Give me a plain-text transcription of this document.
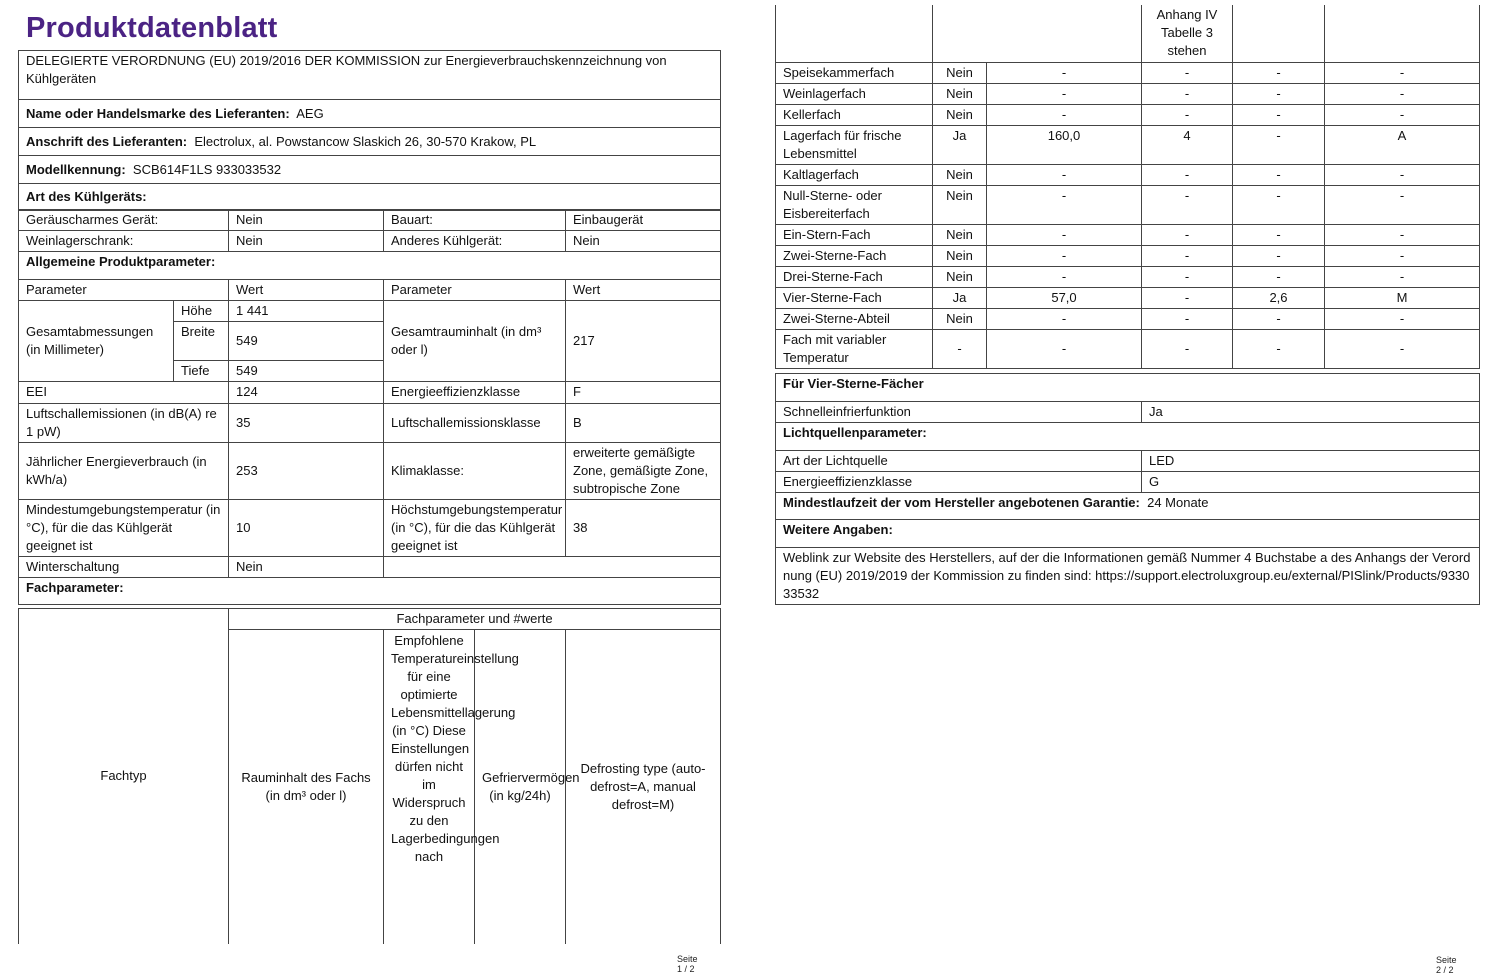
Produktdatenblatt
DELEGIERTE VERORDNUNG (EU) 2019/2016 DER KOMMISSION zur Energieverbrauchskennzeichnung von Kühlgeräten
Name oder Handelsmarke des Lieferanten: AEG
Anschrift des Lieferanten: Electrolux, al. Powstancow Slaskich 26, 30-570 Krakow, PL
Modellkennung: SCB614F1LS 933033532
Art des Kühlgeräts:
Geräuscharmes Gerät:		Nein	Bauart:	Einbaugerät
Weinlagerschrank:		Nein	Anderes Kühlgerät:	Nein
Allgemeine Produktparameter:				
Parameter		Wert	Parameter	Wert
Gesamtabmessungen (in Millimeter)	Höhe	1 441	Gesamtrauminhalt (in dm³ oder l)	217
	Breite	549		
	Tiefe	549		
EEI		124	Energieeffizienzklasse	F
Luftschallemissionen (in dB(A) re 1 pW)		35	Luftschallemissionsklasse	B
Jährlicher Energieverbrauch (in kWh/a)		253	Klimaklasse:	erweiterte gemäßigte Zone, gemäßigte Zone, subtropische Zone
Mindestumgebungstemperatur (in °C), für die das Kühlgerät geeignet ist		10	Höchstumgebungstemperatur (in °C), für die das Kühlgerät geeignet ist	38
Winterschaltung		Nein		
Fachparameter:				
Fachtyp	Fachparameter und #werte			
	Rauminhalt des Fachs (in dm³ oder l)	Empfohlene Temperatureinstellung für eine optimierte Lebensmittellagerung (in °C) Diese Einstellungen dürfen nicht im Widerspruch zu den Lagerbedingungen nach	Gefriervermögen (in kg/24h)	Defrosting type (auto-defrost=A, manual defrost=M)
Seite 1 / 2
			Anhang IV Tabelle 3 stehen		
Speisekammerfach	Nein	-	-	-	-
Weinlagerfach	Nein	-	-	-	-
Kellerfach	Nein	-	-	-	-
Lagerfach für frische Lebensmittel	Ja	160,0	4	-	A
Kaltlagerfach	Nein	-	-	-	-
Null-Sterne- oder Eisbereiterfach	Nein	-	-	-	-
Ein-Stern-Fach	Nein	-	-	-	-
Zwei-Sterne-Fach	Nein	-	-	-	-
Drei-Sterne-Fach	Nein	-	-	-	-
Vier-Sterne-Fach	Ja	57,0	-	2,6	M
Zwei-Sterne-Abteil	Nein	-	-	-	-
Fach mit variabler Temperatur	-	-	-	-	-
Für Vier-Sterne-Fächer	
Schnelleinfrierfunktion	Ja
Lichtquellenparameter:	
Art der Lichtquelle	LED
Energieeffizienzklasse	G
Mindestlaufzeit der vom Hersteller angebotenen Garantie: 24 Monate	
Weitere Angaben:	
Weblink zur Website des Herstellers, auf der die Informationen gemäß Nummer 4 Buchstabe a des Anhangs der Verordnung (EU) 2019/2019 der Kommission zu finden sind: https://support.electroluxgroup.eu/external/PISlink/Products/933033532	
Seite 2 / 2
